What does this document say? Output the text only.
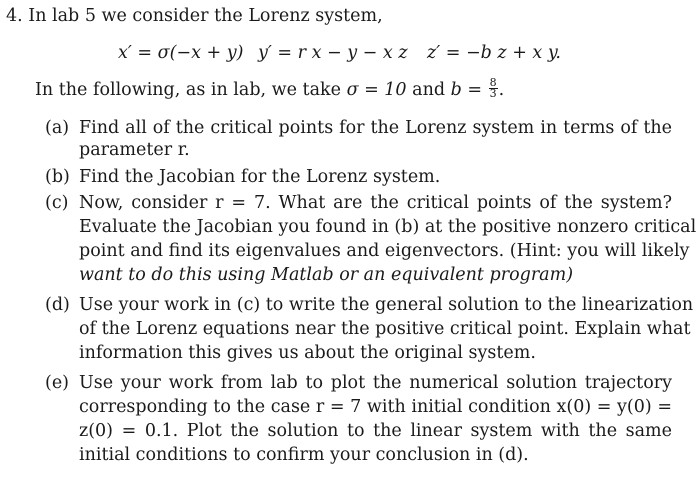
4. In lab 5 we consider the Lorenz system,
x′ = σ(−x + y) y′ = r x − y − x z z′ = −b z + x y.
In the following, as in lab, we take σ = 10 and $b = \frac{8}{3}$ .
(a) Find all of the critical points for the Lorenz system in terms of the
parameter r.
(b) Find the Jacobian for the Lorenz system.
(c) Now, consider r = 7. What are the critical points of the system?
Evaluate the Jacobian you found in (b) at the positive nonzero critical
point and find its eigenvalues and eigenvectors. (Hint: you will likely
want to do this using Matlab or an equivalent program)
(d) Use your work in (c) to write the general solution to the linearization
of the Lorenz equations near the positive critical point. Explain what
information this gives us about the original system.
(e) Use your work from lab to plot the numerical solution trajectory
corresponding to the case r = 7 with initial condition x(0) = y(0) =
z(0) = 0.1. Plot the solution to the linear system with the same
initial conditions to confirm your conclusion in (d).
